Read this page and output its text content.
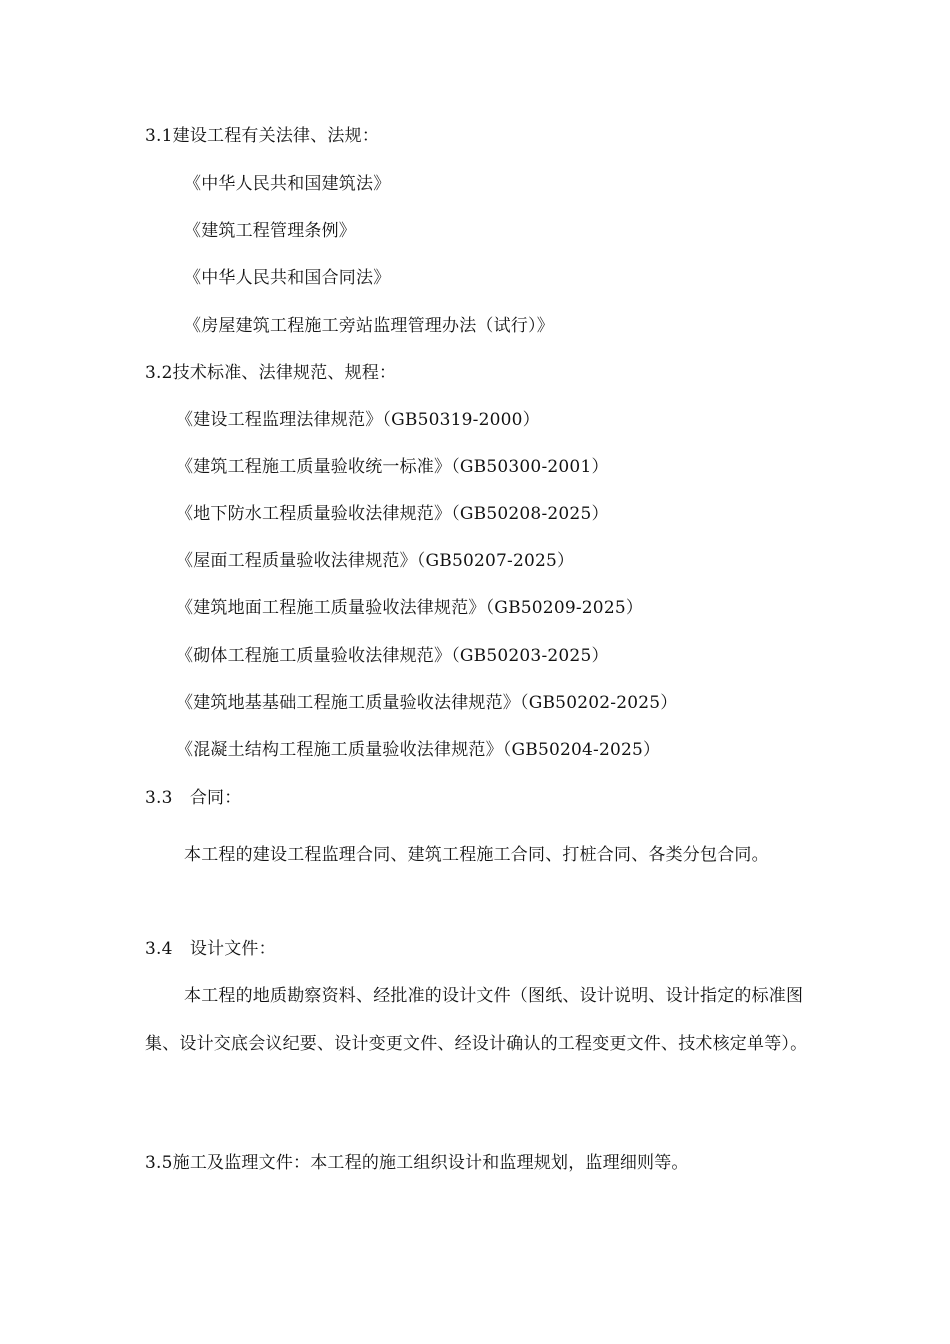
3.1建设工程有关法律、法规：
《中华人民共和国建筑法》
《建筑工程管理条例》
《中华人民共和国合同法》
《房屋建筑工程施工旁站监理管理办法（试行）》
3.2技术标准、法律规范、规程：
《建设工程监理法律规范》（GB50319-2000）
《建筑工程施工质量验收统一标准》（GB50300-2001）
《地下防水工程质量验收法律规范》（GB50208-2025）
《屋面工程质量验收法律规范》（GB50207-2025）
《建筑地面工程施工质量验收法律规范》（GB50209-2025）
《砌体工程施工质量验收法律规范》（GB50203-2025）
《建筑地基基础工程施工质量验收法律规范》（GB50202-2025）
《混凝土结构工程施工质量验收法律规范》（GB50204-2025）
3.3　合同：
本工程的建设工程监理合同、建筑工程施工合同、打桩合同、各类分包合同。
3.4　设计文件：
本工程的地质勘察资料、经批准的设计文件（图纸、设计说明、设计指定的标准图集、设计交底会议纪要、设计变更文件、经设计确认的工程变更文件、技术核定单等）。
3.5施工及监理文件：本工程的施工组织设计和监理规划，监理细则等。
